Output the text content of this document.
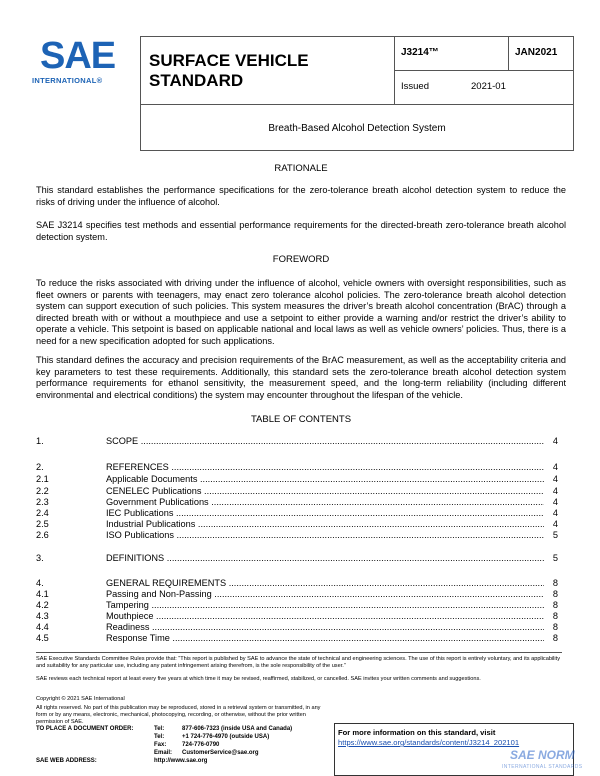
SAE
INTERNATIONAL®
SURFACE VEHICLE
STANDARD
J3214™	JAN2021
Issued	2021-01
Breath-Based Alcohol Detection System
RATIONALE
This standard establishes the performance specifications for the zero-tolerance breath alcohol detection system to reduce the risks of driving under the influence of alcohol.
SAE J3214 specifies test methods and essential performance requirements for the directed-breath zero-tolerance breath alcohol detection system.
FOREWORD
To reduce the risks associated with driving under the influence of alcohol, vehicle owners with oversight responsibilities, such as fleet owners or parents with teenagers, may enact zero tolerance alcohol policies. The zero-tolerance breath alcohol detection system can support execution of such policies. This system measures the driver’s breath alcohol concentration (BrAC) through a directed breath with or without a mouthpiece and use a setpoint to either provide a warning and/or restrict the driver’s ability to operate a vehicle. This setpoint is based on applicable national and local laws as well as vehicle owners’ policies. Thus, there is a need for a new specification adopted for such applications.
This standard defines the accuracy and precision requirements of the BrAC measurement, as well as the acceptability criteria and key parameters to test these requirements. Additionally, this standard sets the zero-tolerance breath alcohol detection system performance requirements for ethanol sensitivity, the measurement speed, and the long-term reliability (including different environmental and electrical conditions) the system may encounter throughout the lifespan of the vehicle.
TABLE OF CONTENTS
1.	SCOPE .....	4
2.	REFERENCES .....	4
2.1	Applicable Documents .....	4
2.2	CENELEC Publications .....	4
2.3	Government Publications .....	4
2.4	IEC Publications .....	4
2.5	Industrial Publications .....	4
2.6	ISO Publications .....	5
3.	DEFINITIONS .....	5
4.	GENERAL REQUIREMENTS .....	8
4.1	Passing and Non-Passing .....	8
4.2	Tampering .....	8
4.3	Mouthpiece .....	8
4.4	Readiness .....	8
4.5	Response Time .....	8
SAE Executive Standards Committee Rules provide that: “This report is published by SAE to advance the state of technical and engineering sciences. The use of this report is entirely voluntary, and its applicability and suitability for any particular use, including any patent infringement arising therefrom, is the sole responsibility of the user.”
SAE reviews each technical report at least every five years at which time it may be revised, reaffirmed, stabilized, or cancelled. SAE invites your written comments and suggestions.
Copyright © 2021 SAE International
All rights reserved. No part of this publication may be reproduced, stored in a retrieval system or transmitted, in any form or by any means, electronic, mechanical, photocopying, recording, or otherwise, without the prior written permission of SAE.
TO PLACE A DOCUMENT ORDER:	Tel:	877-606-7323 (inside USA and Canada)
Tel:	+1 724-776-4970 (outside USA)
Fax:	724-776-0790
Email: CustomerService@sae.org
SAE WEB ADDRESS:	http://www.sae.org
For more information on this standard, visit
https://www.sae.org/standards/content/J3214_202101
SAE NORM
INTERNATIONAL STANDARDS
